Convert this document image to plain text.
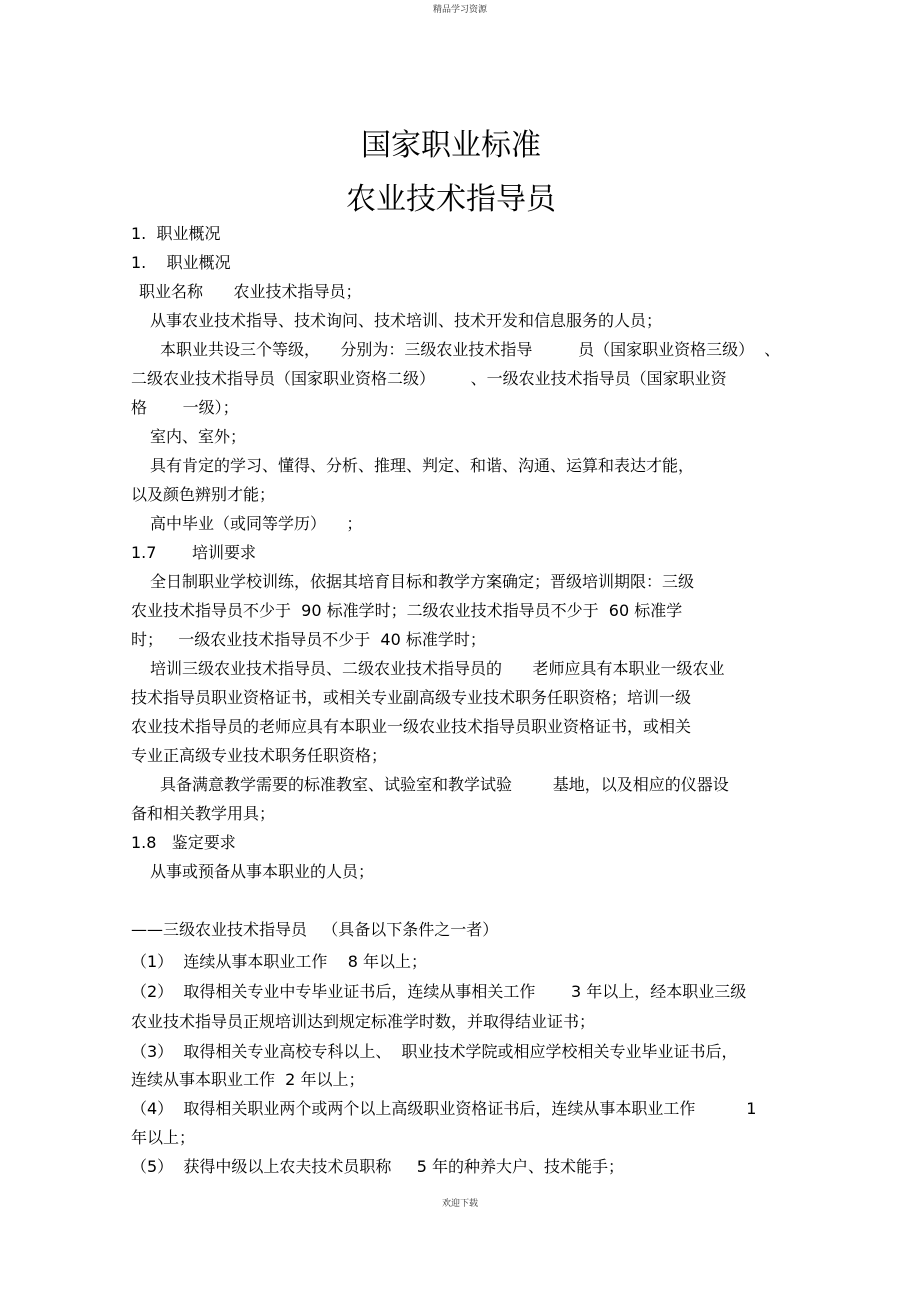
精品学习资源
国家职业标准
农业技术指导员
1.  职业概况
1.    职业概况
职业名称      农业技术指导员；
从事农业技术指导、技术询问、技术培训、技术开发和信息服务的人员；
本职业共设三个等级，    分别为：三级农业技术指导         员（国家职业资格三级）  、
二级农业技术指导员（国家职业资格二级）       、一级农业技术指导员（国家职业资
格       一级）；
室内、室外；
具有肯定的学习、懂得、分析、推理、判定、和谐、沟通、运算和表达才能，
以及颜色辨别才能；
高中毕业（或同等学历）    ；
1.7       培训要求
全日制职业学校训练，依据其培育目标和教学方案确定；晋级培训期限：三级
农业技术指导员不少于  90 标准学时；二级农业技术指导员不少于  60 标准学
时；   一级农业技术指导员不少于  40 标准学时；
培训三级农业技术指导员、二级农业技术指导员的      老师应具有本职业一级农业
技术指导员职业资格证书，或相关专业副高级专业技术职务任职资格；培训一级
农业技术指导员的老师应具有本职业一级农业技术指导员职业资格证书，或相关
专业正高级专业技术职务任职资格；
具备满意教学需要的标准教室、试验室和教学试验        基地，以及相应的仪器设
备和相关教学用具；
1.8   鉴定要求
从事或预备从事本职业的人员；
——三级农业技术指导员   （具备以下条件之一者）
（1）  连续从事本职业工作    8 年以上；
（2）  取得相关专业中专毕业证书后，连续从事相关工作       3 年以上，经本职业三级
农业技术指导员正规培训达到规定标准学时数，并取得结业证书；
（3）  取得相关专业高校专科以上、  职业技术学院或相应学校相关专业毕业证书后，
连续从事本职业工作  2 年以上；
（4）  取得相关职业两个或两个以上高级职业资格证书后，连续从事本职业工作          1
年以上；
（5）  获得中级以上农夫技术员职称     5 年的种养大户、技术能手；
欢迎下载
